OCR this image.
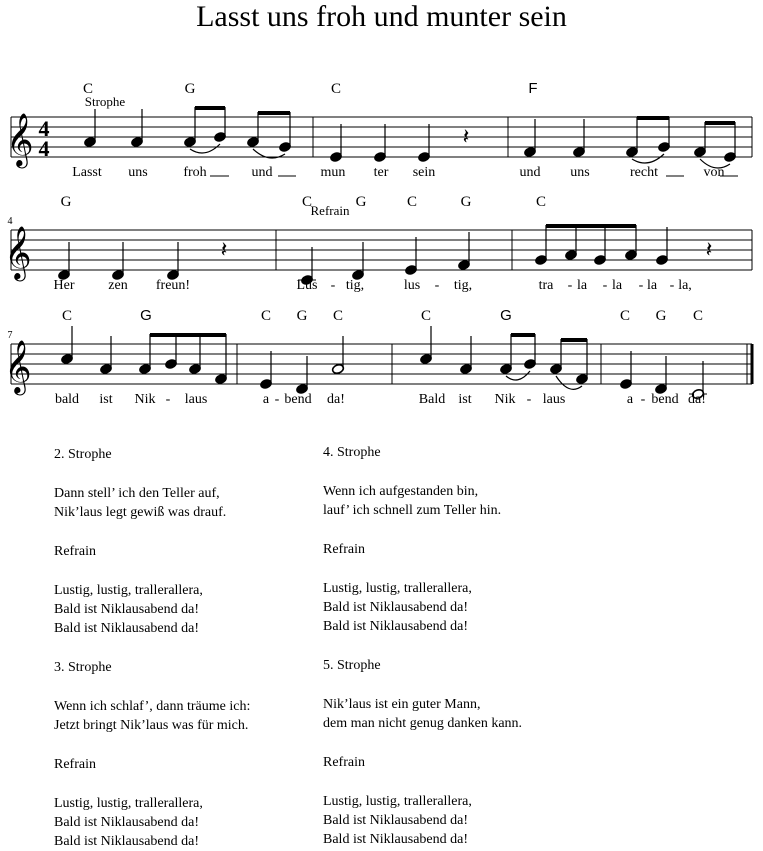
Lasst uns froh und munter sein
𝄞 4
4	𝄽
C	G	C	F
Lasst uns	froh	und	mun ter sein	und uns	recht	von
𝄞	𝄽	𝄽
4
G	C	G	C	G	C
Her zen freun!	Lus - tig,	lus - tig,	tra - la - la - la - la,
𝄞
7
C	G	C G C	C	G	C G C
bald ist Nik - laus	a - bend da!	Bald ist Nik - laus	a - bend da!
Strophe
Refrain
2. Strophe
Dann stell’ ich den Teller auf,
Nik’laus legt gewiß was drauf.
Refrain
Lustig, lustig, trallerallera,
Bald ist Niklausabend da!
Bald ist Niklausabend da!
3. Strophe
Wenn ich schlaf’, dann träume ich:
Jetzt bringt Nik’laus was für mich.
Refrain
Lustig, lustig, trallerallera,
Bald ist Niklausabend da!
Bald ist Niklausabend da!
4. Strophe
Wenn ich aufgestanden bin,
lauf’ ich schnell zum Teller hin.
Refrain
Lustig, lustig, trallerallera,
Bald ist Niklausabend da!
Bald ist Niklausabend da!
5. Strophe
Nik’laus ist ein guter Mann,
dem man nicht genug danken kann.
Refrain
Lustig, lustig, trallerallera,
Bald ist Niklausabend da!
Bald ist Niklausabend da!
